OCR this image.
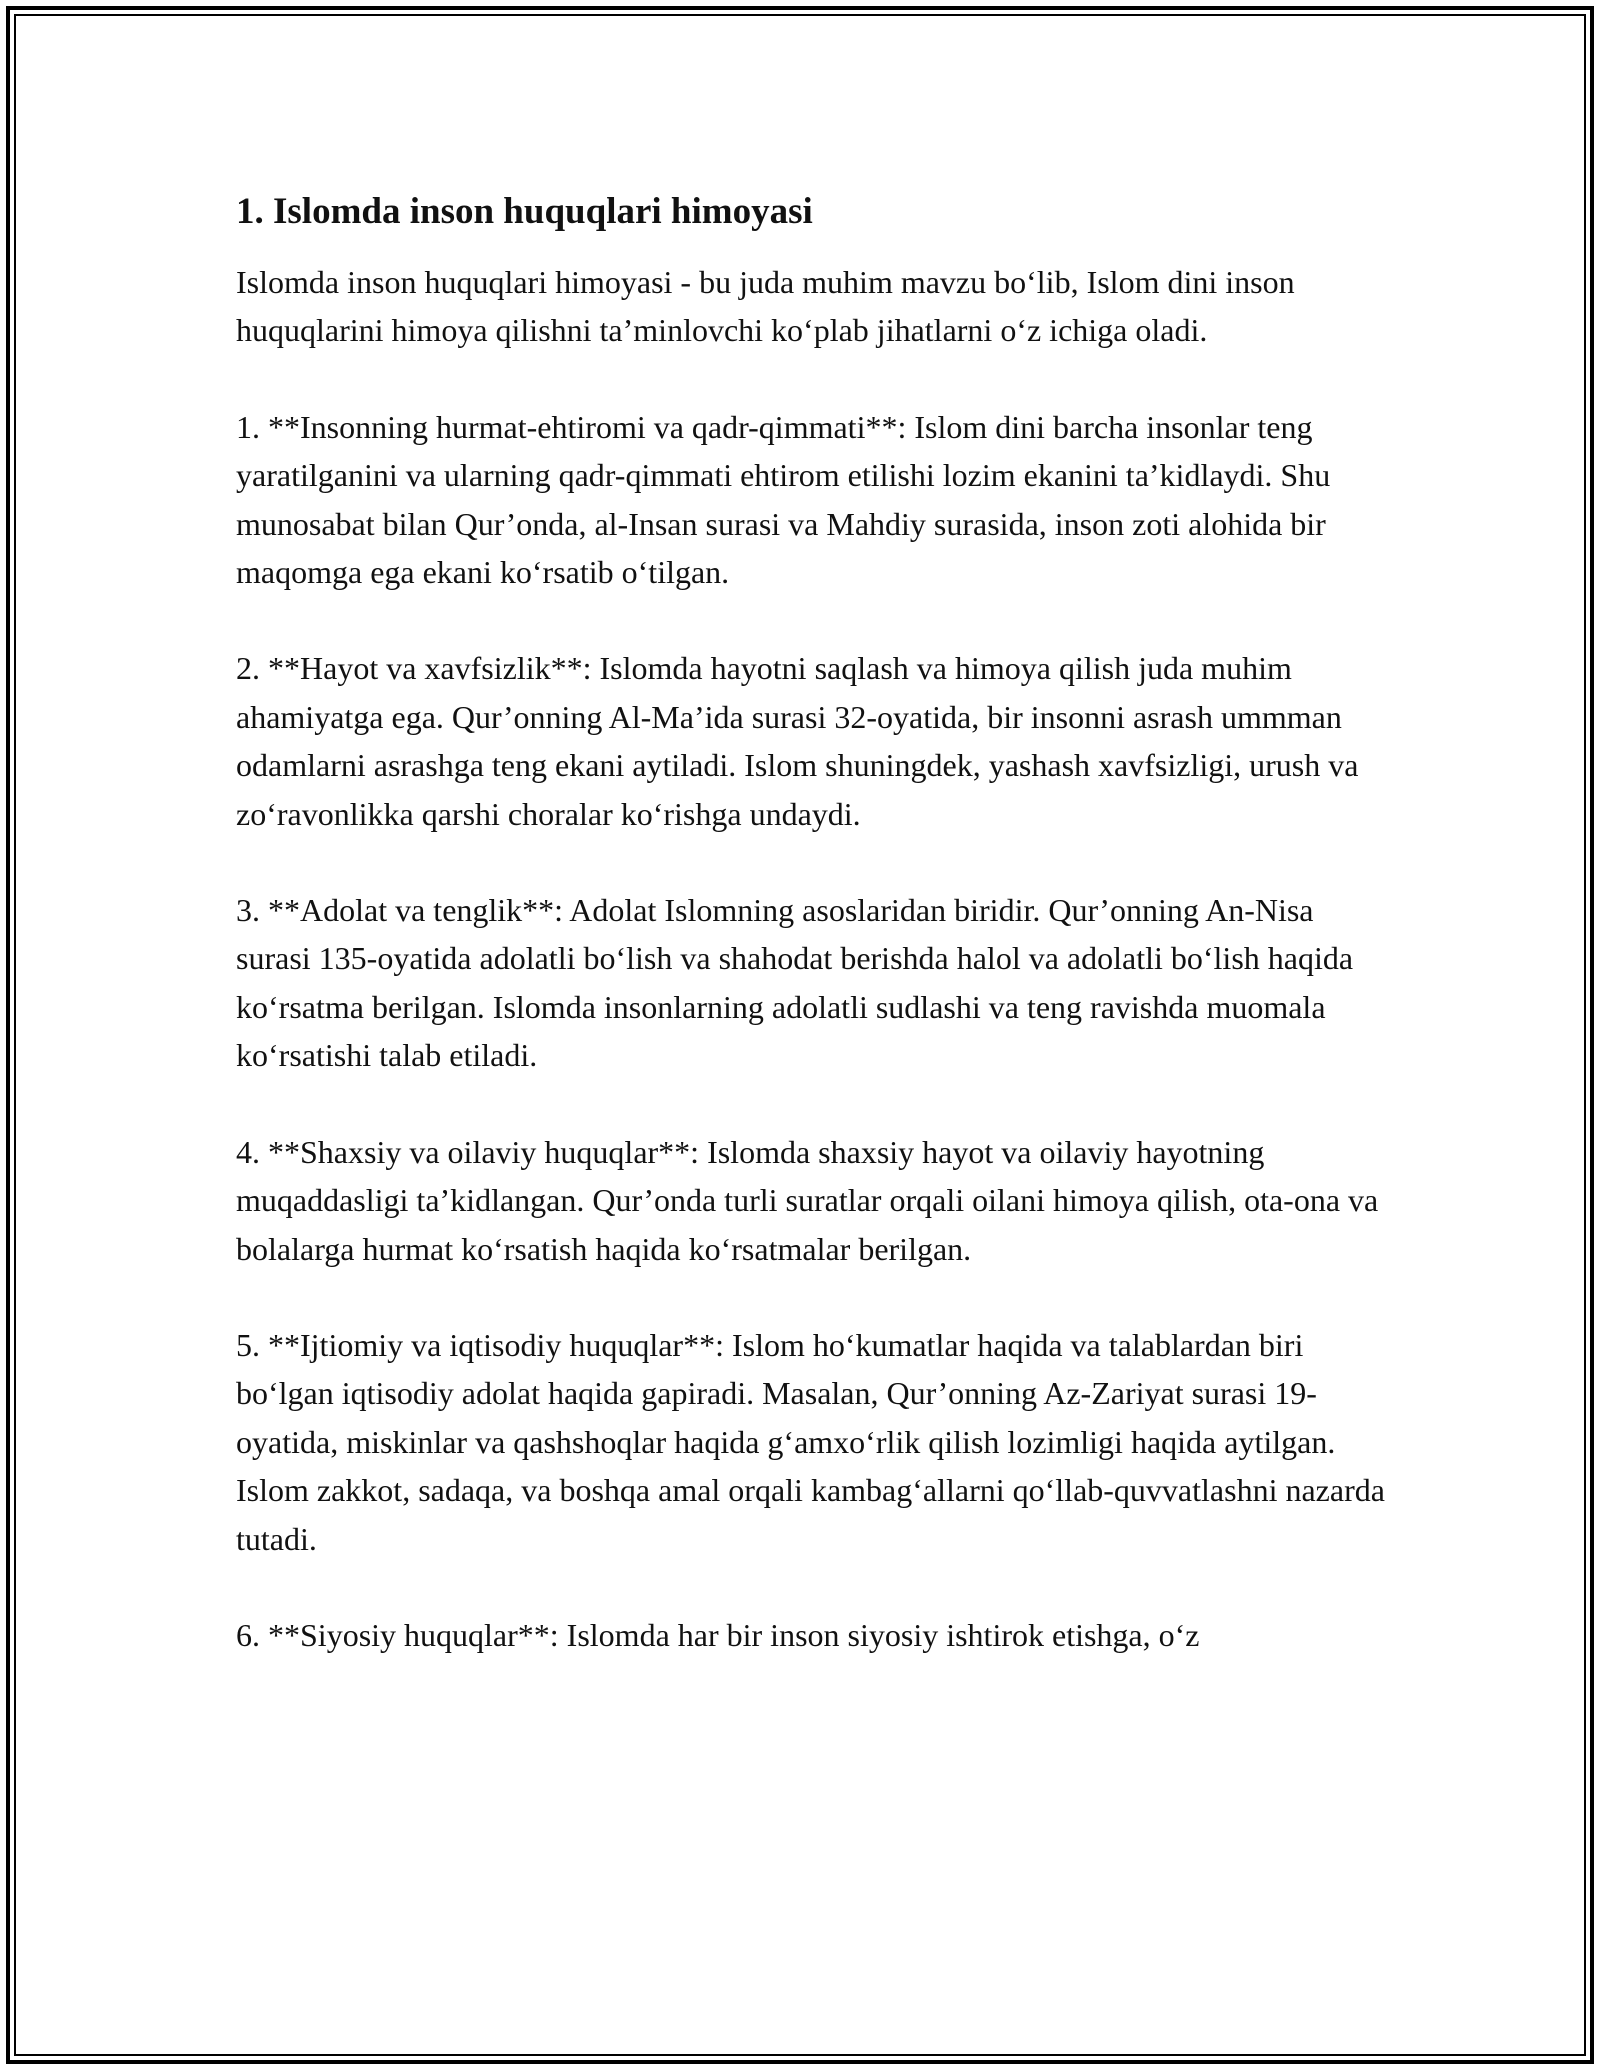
1. Islomda inson huquqlari himoyasi

Islomda inson huquqlari himoyasi - bu juda muhim mavzu bo‘lib, Islom dini inson huquqlarini himoya qilishni ta’minlovchi ko‘plab jihatlarni o‘z ichiga oladi.

1. **Insonning hurmat-ehtiromi va qadr-qimmati**: Islom dini barcha insonlar teng yaratilganini va ularning qadr-qimmati ehtirom etilishi lozim ekanini ta’kidlaydi. Shu munosabat bilan Qur’onda, al-Insan surasi va Mahdiy surasida, inson zoti alohida bir maqomga ega ekani ko‘rsatib o‘tilgan.

2. **Hayot va xavfsizlik**: Islomda hayotni saqlash va himoya qilish juda muhim ahamiyatga ega. Qur’onning Al-Ma’ida surasi 32-oyatida, bir insonni asrash ummman odamlarni asrashga teng ekani aytiladi. Islom shuningdek, yashash xavfsizligi, urush va zo‘ravonlikka qarshi choralar ko‘rishga undaydi.

3. **Adolat va tenglik**: Adolat Islomning asoslaridan biridir. Qur’onning An-Nisa surasi 135-oyatida adolatli bo‘lish va shahodat berishda halol va adolatli bo‘lish haqida ko‘rsatma berilgan. Islomda insonlarning adolatli sudlashi va teng ravishda muomala ko‘rsatishi talab etiladi.

4. **Shaxsiy va oilaviy huquqlar**: Islomda shaxsiy hayot va oilaviy hayotning muqaddasligi ta’kidlangan. Qur’onda turli suratlar orqali oilani himoya qilish, ota-ona va bolalarga hurmat ko‘rsatish haqida ko‘rsatmalar berilgan.

5. **Ijtiomiy va iqtisodiy huquqlar**: Islom ho‘kumatlar haqida va talablardan biri bo‘lgan iqtisodiy adolat haqida gapiradi. Masalan, Qur’onning Az-Zariyat surasi 19-oyatida, miskinlar va qashshoqlar haqida g‘amxo‘rlik qilish lozimligi haqida aytilgan. Islom zakkot, sadaqa, va boshqa amal orqali kambag‘allarni qo‘llab-quvvatlashni nazarda tutadi.

6. **Siyosiy huquqlar**: Islomda har bir inson siyosiy ishtirok etishga, o‘z
